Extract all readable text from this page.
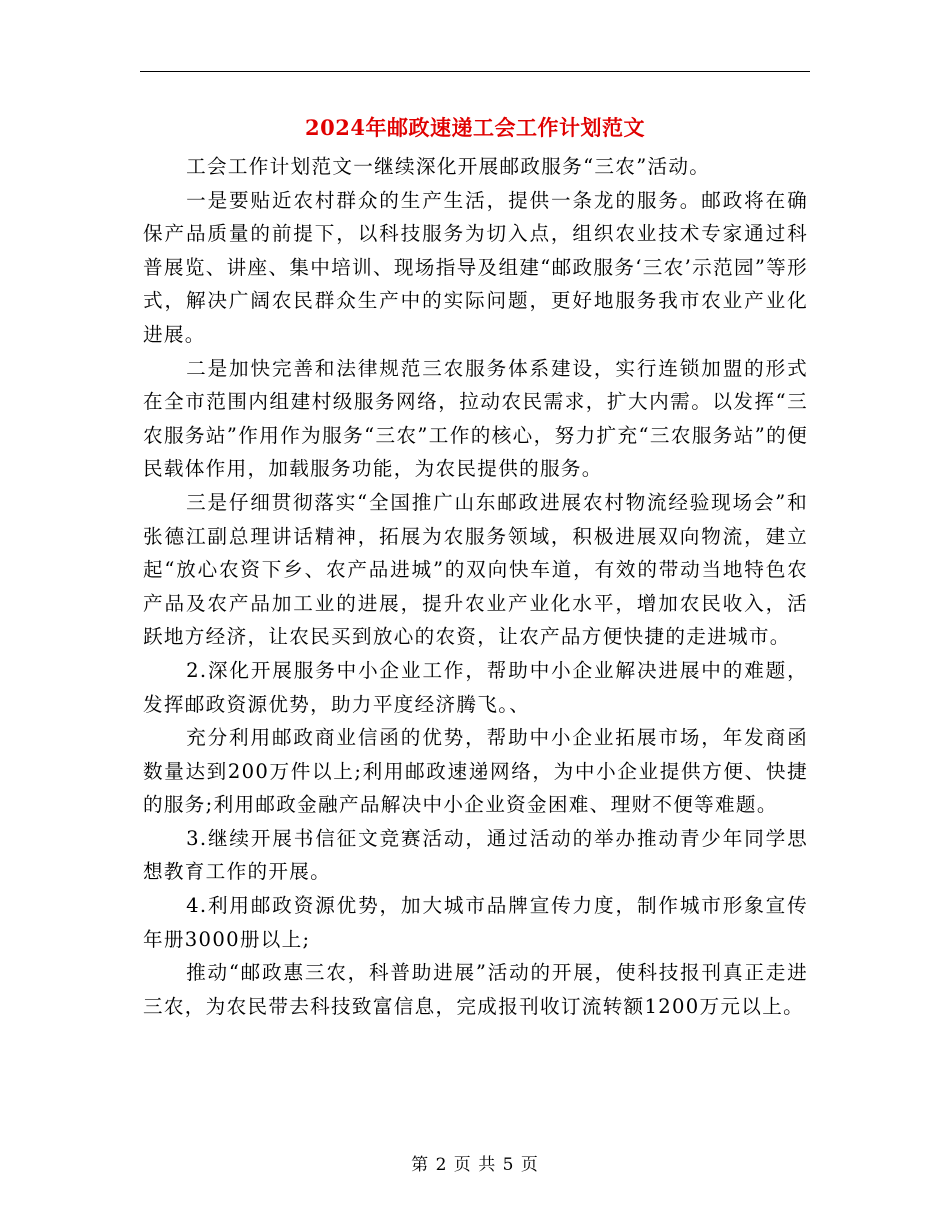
2024年邮政速递工会工作计划范文

工会工作计划范文一继续深化开展邮政服务“三农”活动。

一是要贴近农村群众的生产生活，提供一条龙的服务。邮政将在确保产品质量的前提下，以科技服务为切入点，组织农业技术专家通过科普展览、讲座、集中培训、现场指导及组建“邮政服务‘三农’示范园”等形式，解决广阔农民群众生产中的实际问题，更好地服务我市农业产业化进展。

二是加快完善和法律规范三农服务体系建设，实行连锁加盟的形式在全市范围内组建村级服务网络，拉动农民需求，扩大内需。以发挥“三农服务站”作用作为服务“三农”工作的核心，努力扩充“三农服务站”的便民载体作用，加载服务功能，为农民提供的服务。

三是仔细贯彻落实“全国推广山东邮政进展农村物流经验现场会”和张德江副总理讲话精神，拓展为农服务领域，积极进展双向物流，建立起“放心农资下乡、农产品进城”的双向快车道，有效的带动当地特色农产品及农产品加工业的进展，提升农业产业化水平，增加农民收入，活跃地方经济，让农民买到放心的农资，让农产品方便快捷的走进城市。

2.深化开展服务中小企业工作，帮助中小企业解决进展中的难题，发挥邮政资源优势，助力平度经济腾飞。、

充分利用邮政商业信函的优势，帮助中小企业拓展市场，年发商函数量达到200万件以上;利用邮政速递网络，为中小企业提供方便、快捷的服务;利用邮政金融产品解决中小企业资金困难、理财不便等难题。

3.继续开展书信征文竞赛活动，通过活动的举办推动青少年同学思想教育工作的开展。

4.利用邮政资源优势，加大城市品牌宣传力度，制作城市形象宣传年册3000册以上;

推动“邮政惠三农，科普助进展”活动的开展，使科技报刊真正走进三农，为农民带去科技致富信息，完成报刊收订流转额1200万元以上。

第 2 页 共 5 页
